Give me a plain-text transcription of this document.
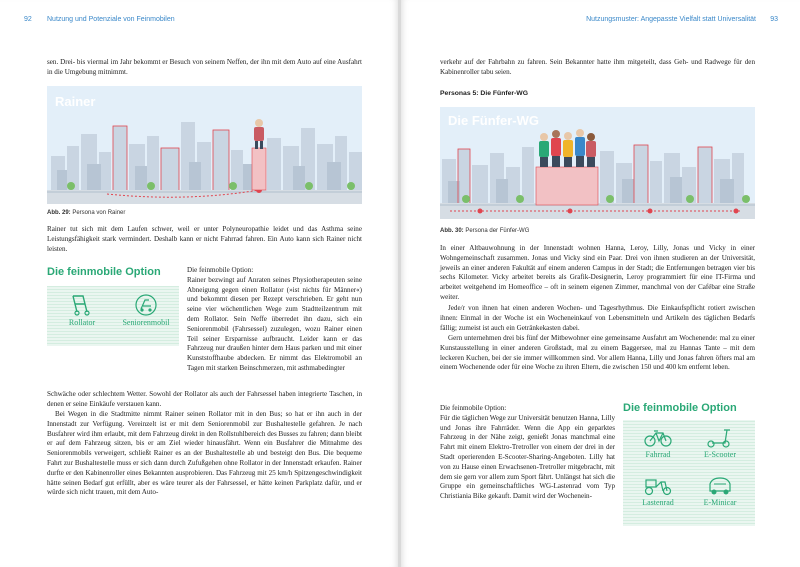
92 Nutzung und Potenziale von Feinmobilen
sen. Drei- bis viermal im Jahr bekommt er Besuch von seinem Neffen, der ihn mit dem Auto auf eine Ausfahrt in die Umgebung mitnimmt.
Rainer
Abb. 29: Persona von Rainer
Rainer tut sich mit dem Laufen schwer, weil er unter Polyneuropathie leidet und das Asthma seine Leistungsfähigkeit stark vermindert. Deshalb kann er nicht Fahrrad fahren. Ein Auto kann sich Rainer nicht leisten.
Die feinmobile Option
Rollator	Seniorenmobil

Die feinmobile Option:

Rainer bezwingt auf Anraten seines Physiotherapeuten seine Abneigung gegen einen Rollator (»ist nichts für Männer«) und bekommt diesen per Rezept verschrieben. Er geht nun seine vier wöchentlichen Wege zum Stadtteilzentrum mit dem Rollator. Sein Neffe überredet ihn dazu, sich ein Seniorenmobil (Fahrsessel) zuzulegen, wozu Rainer einen Teil seiner Ersparnisse aufbraucht. Leider kann er das Fahrzeug nur draußen hinter dem Haus parken und mit einer Kunststoffhaube abdecken. Er nimmt das Elektromobil an Tagen mit starken Beinschmerzen, mit asthmabedingter

Schwäche oder schlechtem Wetter. Sowohl der Rollator als auch der Fahrsessel haben integrierte Taschen, in denen er seine Einkäufe verstauen kann.
Bei Wegen in die Stadtmitte nimmt Rainer seinen Rollator mit in den Bus; so hat er ihn auch in der Innenstadt zur Verfügung. Vereinzelt ist er mit dem Seniorenmobil zur Bushaltestelle gefahren. Je nach Busfahrer wird ihm erlaubt, mit dem Fahrzeug direkt in den Rollstuhlbereich des Busses zu fahren; dann bleibt er auf dem Fahrzeug sitzen, bis er am Ziel wieder hinausfährt. Wenn ein Busfahrer die Mitnahme des Seniorenmobils verweigert, schließt Rainer es an der Bushaltestelle ab und besteigt den Bus. Die bequeme Fahrt zur Bushaltestelle muss er sich dann durch Zufußgehen ohne Rollator in der Innenstadt erkaufen. Rainer durfte er den Kabinenroller eines Bekannten ausprobieren. Das Fahrzeug mit 25 km/h Spitzengeschwindigkeit hätte seinen Bedarf gut erfüllt, aber es wäre teurer als der Fahrsessel, er hätte keinen Parkplatz dafür, und er würde sich nicht trauen, mit dem Auto-
Nutzungsmuster: Angepasste Vielfalt statt Universalität 93
verkehr auf der Fahrbahn zu fahren. Sein Bekannter hatte ihm mitgeteilt, dass Geh- und Radwege für den Kabinenroller tabu seien.
Personas 5: Die Fünfer-WG
Die Fünfer-WG
Abb. 30: Persona der Fünfer-WG
In einer Altbauwohnung in der Innenstadt wohnen Hanna, Leroy, Lilly, Jonas und Vicky in einer Wohngemeinschaft zusammen. Jonas und Vicky sind ein Paar. Drei von ihnen studieren an der Universität, jeweils an einer anderen Fakultät auf einem anderen Campus in der Stadt; die Entfernungen betragen vier bis sechs Kilometer. Vicky arbeitet bereits als Grafik-Designerin, Leroy programmiert für eine IT-Firma und arbeitet weitgehend im Homeoffice – oft in seinem eigenen Zimmer, manchmal von der Cafébar eine Straße weiter.
Jede/r von ihnen hat einen anderen Wochen- und Tagesrhythmus. Die Einkaufspflicht rotiert zwischen ihnen: Einmal in der Woche ist ein Wocheneinkauf von Lebensmitteln und Artikeln des täglichen Bedarfs fällig; zumeist ist auch ein Getränkekasten dabei.
Gern unternehmen drei bis fünf der Mitbewohner eine gemeinsame Ausfahrt am Wochenende: mal zu einer Kunstausstellung in einer anderen Großstadt, mal zu einem Baggersee, mal zu Hannas Tante – mit dem leckeren Kuchen, bei der sie immer willkommen sind. Vor allem Hanna, Lilly und Jonas fahren öfters mal am einem Wochenende oder für eine Woche zu ihren Eltern, die zwischen 150 und 400 km entfernt leben.

Die feinmobile Option:

Für die täglichen Wege zur Universität benutzen Hanna, Lilly und Jonas ihre Fahrräder. Wenn die App ein geparktes Fahrzeug in der Nähe zeigt, genießt Jonas manchmal eine Fahrt mit einem Elektro-Tretroller von einem der drei in der Stadt operierenden E-Scooter-Sharing-Angeboten. Lilly hat von zu Hause einen Erwachsenen-Tretroller mitgebracht, mit dem sie gern vor allem zum Sport fährt. Unlängst hat sich die Gruppe ein gemeinschaftliches WG-Lastenrad vom Typ Christiania Bike gekauft. Damit wird der Wochenein-

Die feinmobile Option
Fahrrad	E-Scooter
Lastenrad	E-Minicar
